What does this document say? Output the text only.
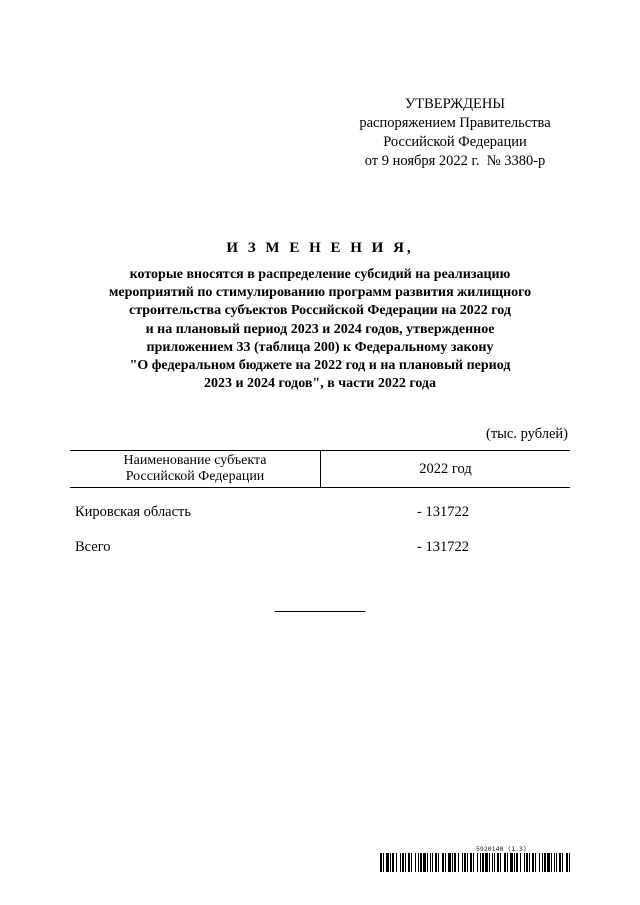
УТВЕРЖДЕНЫ
распоряжением Правительства
Российской Федерации
от 9 ноября 2022 г.  № 3380-р
И З М Е Н Е Н И Я,
которые вносятся в распределение субсидий на реализацию
мероприятий по стимулированию программ развития жилищного
строительства субъектов Российской Федерации на 2022 год
и на плановый период 2023 и 2024 годов, утвержденное
приложением 33 (таблица 200) к Федеральному закону
"О федеральном бюджете на 2022 год и на плановый период
2023 и 2024 годов", в части 2022 года
(тыс. рублей)
Наименование субъекта
Российской Федерации	2022 год
Кировская область	- 131722
Всего	- 131722
5920140 (1.3)
